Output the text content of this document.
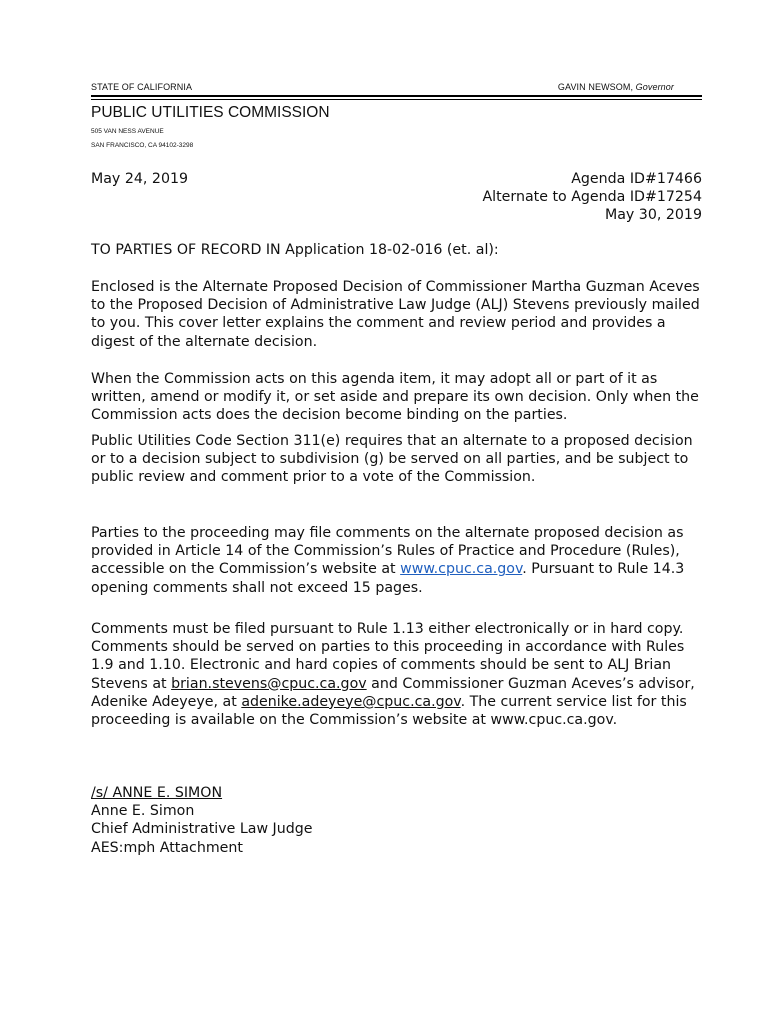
STATE OF CALIFORNIA	GAVIN NEWSOM, Governor
PUBLIC UTILITIES COMMISSION
505 VAN NESS AVENUE
SAN FRANCISCO, CA 94102-3298
May 24, 2019	Agenda ID#17466
Alternate to Agenda ID#17254
May 30, 2019
TO PARTIES OF RECORD IN Application 18-02-016 (et. al):

Enclosed is the Alternate Proposed Decision of Commissioner Martha Guzman Aceves to the Proposed Decision of Administrative Law Judge (ALJ) Stevens previously mailed to you. This cover letter explains the comment and review period and provides a digest of the alternate decision.

When the Commission acts on this agenda item, it may adopt all or part of it as written, amend or modify it, or set aside and prepare its own decision. Only when the Commission acts does the decision become binding on the parties.

Public Utilities Code Section 311(e) requires that an alternate to a proposed decision or to a decision subject to subdivision (g) be served on all parties, and be subject to public review and comment prior to a vote of the Commission.

Parties to the proceeding may file comments on the alternate proposed decision as provided in Article 14 of the Commission’s Rules of Practice and Procedure (Rules), accessible on the Commission’s website at www.cpuc.ca.gov. Pursuant to Rule 14.3 opening comments shall not exceed 15 pages.

Comments must be filed pursuant to Rule 1.13 either electronically or in hard copy. Comments should be served on parties to this proceeding in accordance with Rules 1.9 and 1.10. Electronic and hard copies of comments should be sent to ALJ Brian Stevens at brian.stevens@cpuc.ca.gov and Commissioner Guzman Aceves’s advisor, Adenike Adeyeye, at adenike.adeyeye@cpuc.ca.gov. The current service list for this proceeding is available on the Commission’s website at www.cpuc.ca.gov.

/s/ ANNE E. SIMON
Anne E. Simon
Chief Administrative Law Judge
AES:mph Attachment
